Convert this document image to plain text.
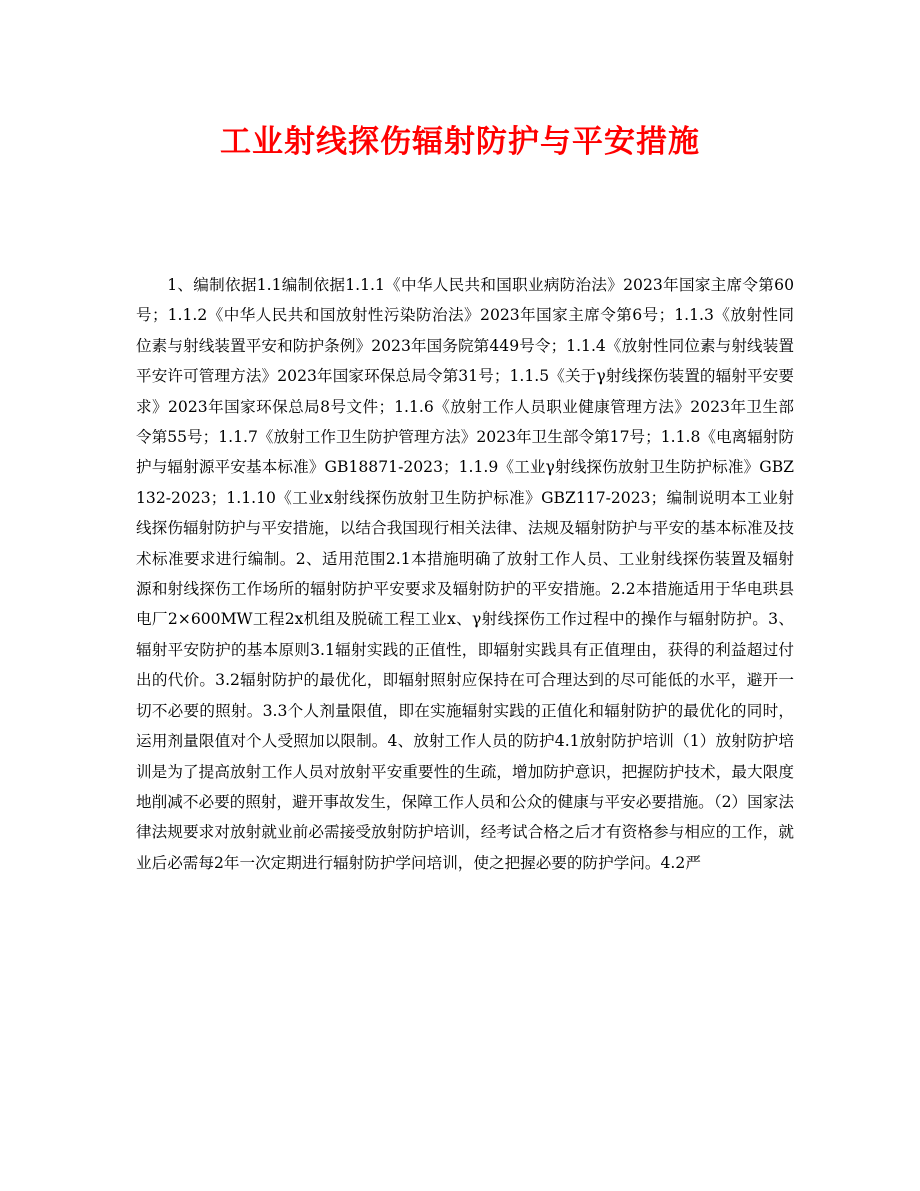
工业射线探伤辐射防护与平安措施

1、编制依据1.1编制依据1.1.1《中华人民共和国职业病防治法》2023年国家主席令第60号；1.1.2《中华人民共和国放射性污染防治法》2023年国家主席令第6号；1.1.3《放射性同位素与射线装置平安和防护条例》2023年国务院第449号令；1.1.4《放射性同位素与射线装置平安许可管理方法》2023年国家环保总局令第31号；1.1.5《关于γ射线探伤装置的辐射平安要求》2023年国家环保总局8号文件；1.1.6《放射工作人员职业健康管理方法》2023年卫生部令第55号；1.1.7《放射工作卫生防护管理方法》2023年卫生部令第17号；1.1.8《电离辐射防护与辐射源平安基本标准》GB18871-2023；1.1.9《工业γ射线探伤放射卫生防护标准》GBZ132-2023；1.1.10《工业x射线探伤放射卫生防护标准》GBZ117-2023；编制说明本工业射线探伤辐射防护与平安措施，以结合我国现行相关法律、法规及辐射防护与平安的基本标准及技术标准要求进行编制。2、适用范围2.1本措施明确了放射工作人员、工业射线探伤装置及辐射源和射线探伤工作场所的辐射防护平安要求及辐射防护的平安措施。2.2本措施适用于华电珙县电厂2×600MW工程2x机组及脱硫工程工业x、γ射线探伤工作过程中的操作与辐射防护。3、辐射平安防护的基本原则3.1辐射实践的正值性，即辐射实践具有正值理由，获得的利益超过付出的代价。3.2辐射防护的最优化，即辐射照射应保持在可合理达到的尽可能低的水平，避开一切不必要的照射。3.3个人剂量限值，即在实施辐射实践的正值化和辐射防护的最优化的同时，运用剂量限值对个人受照加以限制。4、放射工作人员的防护4.1放射防护培训（1）放射防护培训是为了提高放射工作人员对放射平安重要性的生疏，增加防护意识，把握防护技术，最大限度地削减不必要的照射，避开事故发生，保障工作人员和公众的健康与平安必要措施。（2）国家法律法规要求对放射就业前必需接受放射防护培训，经考试合格之后才有资格参与相应的工作，就业后必需每2年一次定期进行辐射防护学问培训，使之把握必要的防护学问。4.2严
